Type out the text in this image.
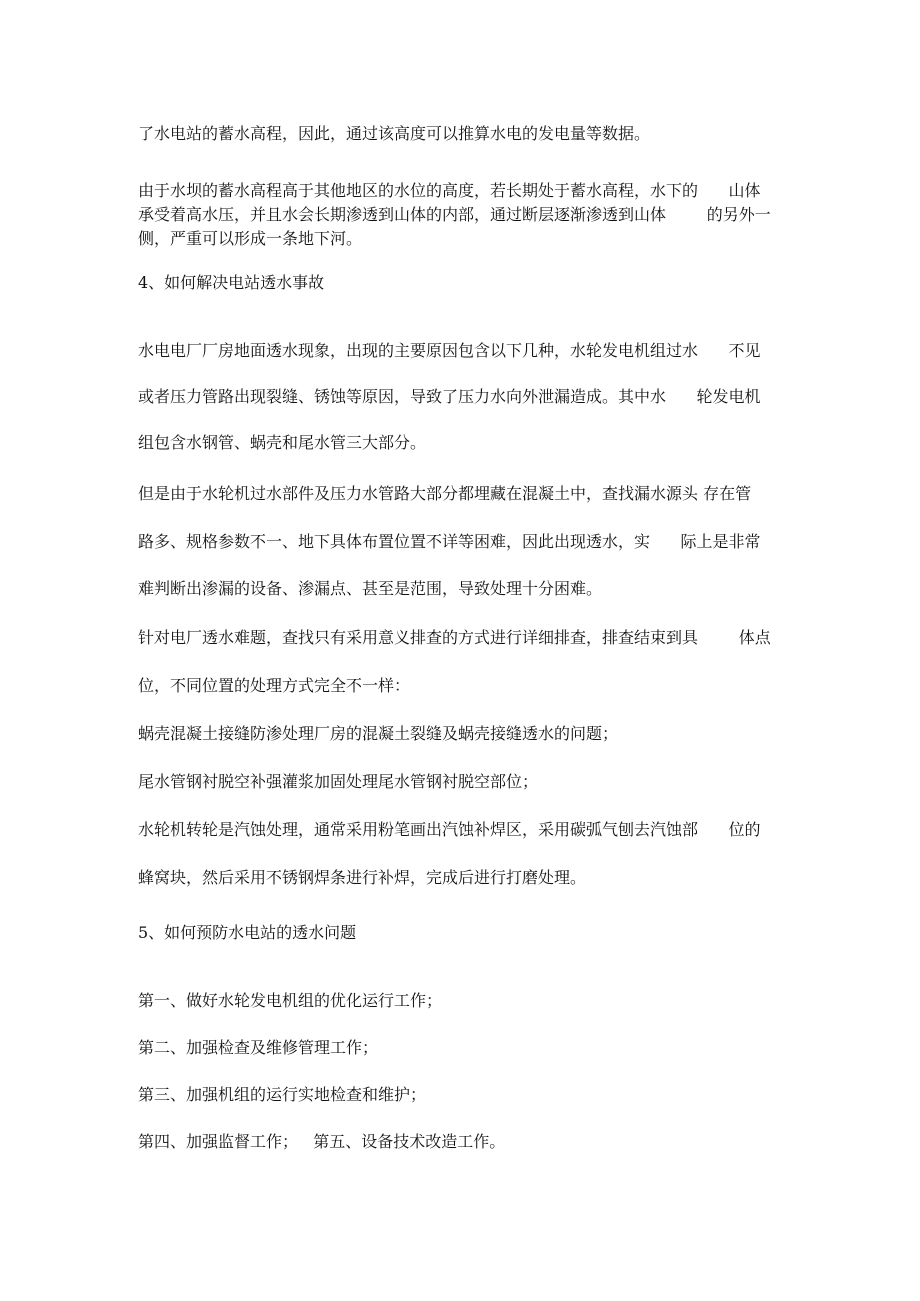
了水电站的蓄水高程，因此，通过该高度可以推算水电的发电量等数据。
由于水坝的蓄水高程高于其他地区的水位的高度，若长期处于蓄水高程，水下的      山体
承受着高水压，并且水会长期渗透到山体的内部，通过断层逐渐渗透到山体        的另外一
侧，严重可以形成一条地下河。
4、如何解决电站透水事故
水电电厂厂房地面透水现象，出现的主要原因包含以下几种，水轮发电机组过水      不见
或者压力管路出现裂缝、锈蚀等原因，导致了压力水向外泄漏造成。其中水      轮发电机
组包含水钢管、蜗壳和尾水管三大部分。
但是由于水轮机过水部件及压力水管路大部分都埋藏在混凝土中，查找漏水源头 存在管
路多、规格参数不一、地下具体布置位置不详等困难，因此出现透水，实      际上是非常
难判断出渗漏的设备、渗漏点、甚至是范围，导致处理十分困难。
针对电厂透水难题，查找只有采用意义排查的方式进行详细排查，排查结束到具        体点
位，不同位置的处理方式完全不一样：
蜗壳混凝土接缝防渗处理厂房的混凝土裂缝及蜗壳接缝透水的问题；
尾水管钢衬脱空补强灌浆加固处理尾水管钢衬脱空部位；
水轮机转轮是汽蚀处理，通常采用粉笔画出汽蚀补焊区，采用碳弧气刨去汽蚀部      位的
蜂窝块，然后采用不锈钢焊条进行补焊，完成后进行打磨处理。
5、如何预防水电站的透水问题
第一、做好水轮发电机组的优化运行工作；
第二、加强检查及维修管理工作；
第三、加强机组的运行实地检查和维护；
第四、加强监督工作；   第五、设备技术改造工作。
